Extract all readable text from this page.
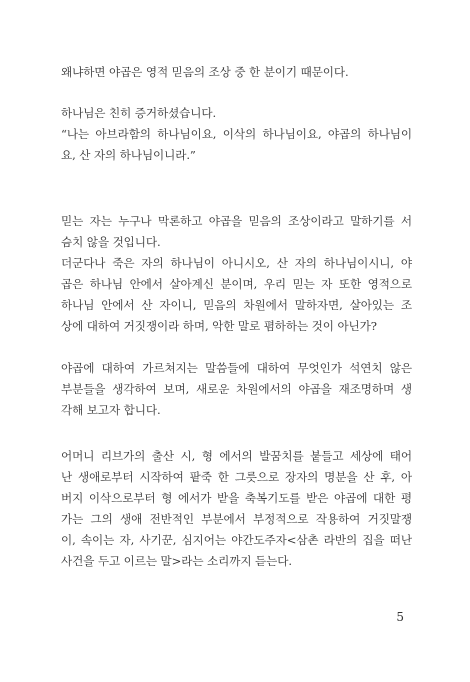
왜냐하면 야곱은 영적 믿음의 조상 중 한 분이기 때문이다.
하나님은 친히 증거하셨습니다.
“나는 아브라함의 하나님이요, 이삭의 하나님이요, 야곱의 하나님이
요, 산 자의 하나님이니라.”
믿는 자는 누구나 막론하고 야곱을 믿음의 조상이라고 말하기를 서
슴치 않을 것입니다.
더군다나 죽은 자의 하나님이 아니시오, 산 자의 하나님이시니, 야
곱은 하나님 안에서 살아계신 분이며, 우리 믿는 자 또한 영적으로
하나님 안에서 산 자이니, 믿음의 차원에서 말하자면, 살아있는 조
상에 대하여 거짓쟁이라 하며, 악한 말로 폄하하는 것이 아닌가?
야곱에 대하여 가르쳐지는 말씀들에 대하여 무엇인가 석연치 않은
부분들을 생각하여 보며, 새로운 차원에서의 야곱을 재조명하며 생
각해 보고자 합니다.
어머니 리브가의 출산 시, 형 에서의 발꿈치를 붙들고 세상에 태어
난 생애로부터 시작하여 팥죽 한 그릇으로 장자의 명분을 산 후, 아
버지 이삭으로부터 형 에서가 받을 축복기도를 받은 야곱에 대한 평
가는 그의 생애 전반적인 부분에서 부정적으로 작용하여 거짓말쟁
이, 속이는 자, 사기꾼, 심지어는 야간도주자<삼촌 라반의 집을 떠난
사건을 두고 이르는 말>라는 소리까지 듣는다.
5
